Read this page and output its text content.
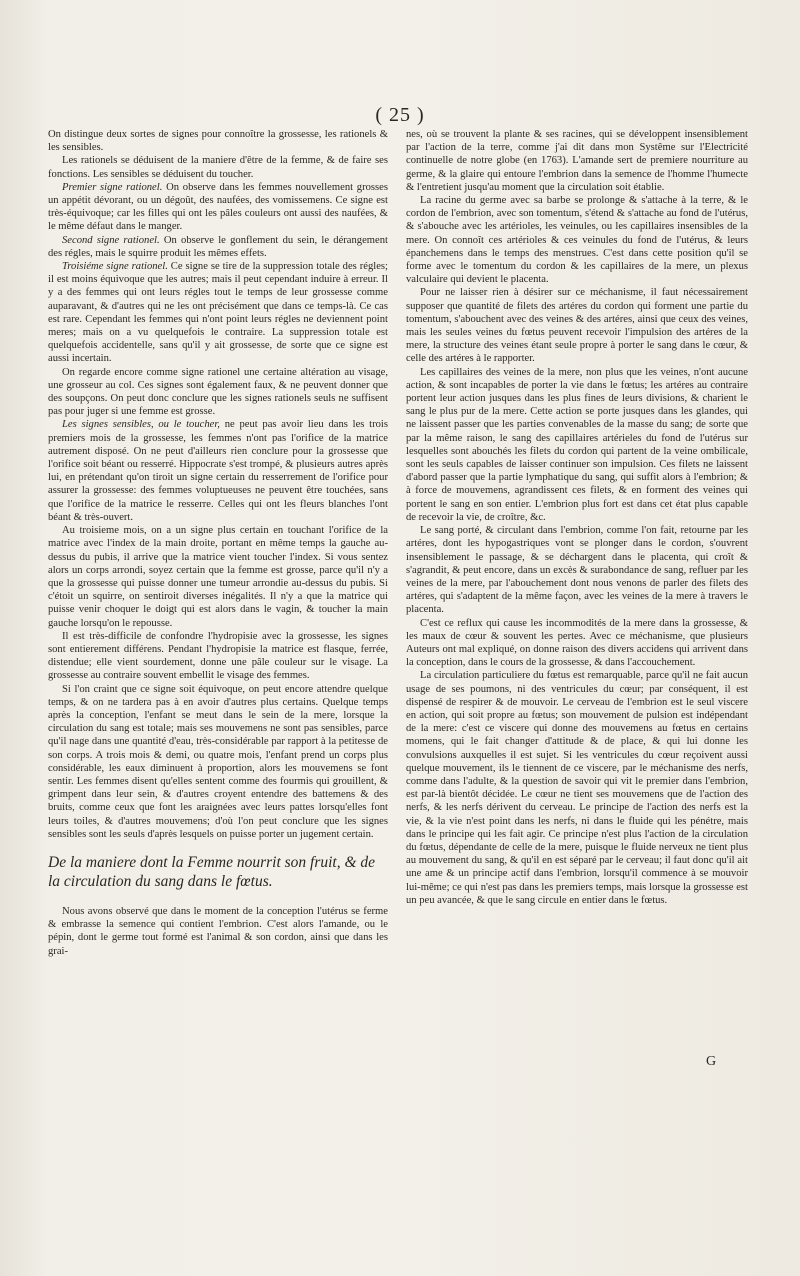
( 25 )

On distingue deux sortes de signes pour connoître la grossesse, les rationels & les sensibles.

Les rationels se déduisent de la maniere d'être de la femme, & de faire ses fonctions. Les sensibles se déduisent du toucher.

Premier signe rationel. On observe dans les femmes nouvellement grosses un appétit dévorant, ou un dégoût, des naufées, des vomissemens. Ce signe est très-équivoque; car les filles qui ont les pâles couleurs ont aussi des naufées, & le même défaut dans le manger.

Second signe rationel. On observe le gonflement du sein, le dérangement des régles, mais le squirre produit les mêmes effets.

Troisiéme signe rationel. Ce signe se tire de la suppression totale des régles; il est moins équivoque que les autres; mais il peut cependant induire à erreur. Il y a des femmes qui ont leurs régles tout le temps de leur grossesse comme auparavant, & d'autres qui ne les ont précisément que dans ce temps-là. Ce cas est rare. Cependant les femmes qui n'ont point leurs régles ne deviennent point meres; mais on a vu quelquefois le contraire. La suppression totale est quelquefois accidentelle, sans qu'il y ait grossesse, de sorte que ce signe est aussi incertain.

On regarde encore comme signe rationel une certaine altération au visage, une grosseur au col. Ces signes sont également faux, & ne peuvent donner que des soupçons. On peut donc conclure que les signes rationels seuls ne suffisent pas pour juger si une femme est grosse.

Les signes sensibles, ou le toucher, ne peut pas avoir lieu dans les trois premiers mois de la grossesse, les femmes n'ont pas l'orifice de la matrice autrement disposé. On ne peut d'ailleurs rien conclure pour la grossesse que l'orifice soit béant ou resserré. Hippocrate s'est trompé, & plusieurs autres après lui, en prétendant qu'on tiroit un signe certain du resserrement de l'orifice pour assurer la grossesse: des femmes voluptueuses ne peuvent être touchées, sans que l'orifice de la matrice le resserre. Celles qui ont les fleurs blanches l'ont béant & très-ouvert.

Au troisieme mois, on a un signe plus certain en touchant l'orifice de la matrice avec l'index de la main droite, portant en même temps la gauche au-dessus du pubis, il arrive que la matrice vient toucher l'index. Si vous sentez alors un corps arrondi, soyez certain que la femme est grosse, parce qu'il n'y a que la grossesse qui puisse donner une tumeur arrondie au-dessus du pubis. Si c'étoit un squirre, on sentiroit diverses inégalités. Il n'y a que la matrice qui puisse venir choquer le doigt qui est alors dans le vagin, & toucher la main gauche lorsqu'on le repousse.

Il est très-difficile de confondre l'hydropisie avec la grossesse, les signes sont entierement différens. Pendant l'hydropisie la matrice est flasque, ferrée, distendue; elle vient sourdement, donne une pâle couleur sur le visage. La grossesse au contraire souvent embellit le visage des femmes.

Si l'on craint que ce signe soit équivoque, on peut encore attendre quelque temps, & on ne tardera pas à en avoir d'autres plus certains. Quelque temps après la conception, l'enfant se meut dans le sein de la mere, lorsque la circulation du sang est totale; mais ses mouvemens ne sont pas sensibles, parce qu'il nage dans une quantité d'eau, très-considérable par rapport à la petitesse de son corps. A trois mois & demi, ou quatre mois, l'enfant prend un corps plus considérable, les eaux diminuent à proportion, alors les mouvemens se font sentir. Les femmes disent qu'elles sentent comme des fourmis qui grouillent, & grimpent dans leur sein, & d'autres croyent entendre des battemens & des bruits, comme ceux que font les araignées avec leurs pattes lorsqu'elles font leurs toiles, & d'autres mouvemens; d'où l'on peut conclure que les signes sensibles sont les seuls d'après lesquels on puisse porter un jugement certain.

De la maniere dont la Femme nourrit son fruit, & de la circulation du sang dans le fœtus.

Nous avons observé que dans le moment de la conception l'utérus se ferme & embrasse la semence qui contient l'embrion. C'est alors l'amande, ou le pépin, dont le germe tout formé est l'animal & son cordon, ainsi que dans les grai-

nes, où se trouvent la plante & ses racines, qui se développent insensiblement par l'action de la terre, comme j'ai dit dans mon Systême sur l'Electricité continuelle de notre globe (en 1763). L'amande sert de premiere nourriture au germe, & la glaire qui entoure l'embrion dans la semence de l'homme l'humecte & l'entretient jusqu'au moment que la circulation soit établie.

La racine du germe avec sa barbe se prolonge & s'attache à la terre, & le cordon de l'embrion, avec son tomentum, s'étend & s'attache au fond de l'utérus, & s'abouche avec les artérioles, les veinules, ou les capillaires insensibles de la mere. On connoît ces artérioles & ces veinules du fond de l'utérus, & leurs épanchemens dans le temps des menstrues. C'est dans cette position qu'il se forme avec le tomentum du cordon & les capillaires de la mere, un plexus valculaire qui devient le placenta.

Pour ne laisser rien à désirer sur ce méchanisme, il faut nécessairement supposer que quantité de filets des artéres du cordon qui forment une partie du tomentum, s'abouchent avec des veines & des artéres, ainsi que ceux des veines, mais les seules veines du fœtus peuvent recevoir l'impulsion des artéres de la mere, la structure des veines étant seule propre à porter le sang dans le cœur, & celle des artéres à le rapporter.

Les capillaires des veines de la mere, non plus que les veines, n'ont aucune action, & sont incapables de porter la vie dans le fœtus; les artéres au contraire portent leur action jusques dans les plus fines de leurs divisions, & charient le sang le plus pur de la mere. Cette action se porte jusques dans les glandes, qui ne laissent passer que les parties convenables de la masse du sang; de sorte que par la même raison, le sang des capillaires artérieles du fond de l'utérus sur lesquelles sont abouchés les filets du cordon qui partent de la veine ombilicale, sont les seuls capables de laisser continuer son impulsion. Ces filets ne laissent d'abord passer que la partie lymphatique du sang, qui suffit alors à l'embrion; & à force de mouvemens, agrandissent ces filets, & en forment des veines qui portent le sang en son entier. L'embrion plus fort est dans cet état plus capable de recevoir la vie, de croître, &c.

Le sang porté, & circulant dans l'embrion, comme l'on fait, retourne par les artéres, dont les hypogastriques vont se plonger dans le cordon, s'ouvrent insensiblement le passage, & se déchargent dans le placenta, qui croît & s'agrandit, & peut encore, dans un excès & surabondance de sang, refluer par les veines de la mere, par l'abouchement dont nous venons de parler des filets des artéres, qui s'adaptent de la même façon, avec les veines de la mere à travers le placenta.

C'est ce reflux qui cause les incommodités de la mere dans la grossesse, & les maux de cœur & souvent les pertes. Avec ce méchanisme, que plusieurs Auteurs ont mal expliqué, on donne raison des divers accidens qui arrivent dans la conception, dans le cours de la grossesse, & dans l'accouchement.

La circulation particuliere du fœtus est remarquable, parce qu'il ne fait aucun usage de ses poumons, ni des ventricules du cœur; par conséquent, il est dispensé de respirer & de mouvoir. Le cerveau de l'embrion est le seul viscere en action, qui soit propre au fœtus; son mouvement de pulsion est indépendant de la mere: c'est ce viscere qui donne des mouvemens au fœtus en certains momens, qui le fait changer d'attitude & de place, & qui lui donne les convulsions auxquelles il est sujet. Si les ventricules du cœur reçoivent aussi quelque mouvement, ils le tiennent de ce viscere, par le méchanisme des nerfs, comme dans l'adulte, & la question de savoir qui vit le premier dans l'embrion, est par-là bientôt décidée. Le cœur ne tient ses mouvemens que de l'action des nerfs, & les nerfs dérivent du cerveau. Le principe de l'action des nerfs est la vie, & la vie n'est point dans les nerfs, ni dans le fluide qui les pénétre, mais dans le principe qui les fait agir. Ce principe n'est plus l'action de la circulation du fœtus, dépendante de celle de la mere, puisque le fluide nerveux ne tient plus au mouvement du sang, & qu'il en est séparé par le cerveau; il faut donc qu'il ait une ame & un principe actif dans l'embrion, lorsqu'il commence à se mouvoir lui-même; ce qui n'est pas dans les premiers temps, mais lorsque la grossesse est un peu avancée, & que le sang circule en entier dans le fœtus.

G
